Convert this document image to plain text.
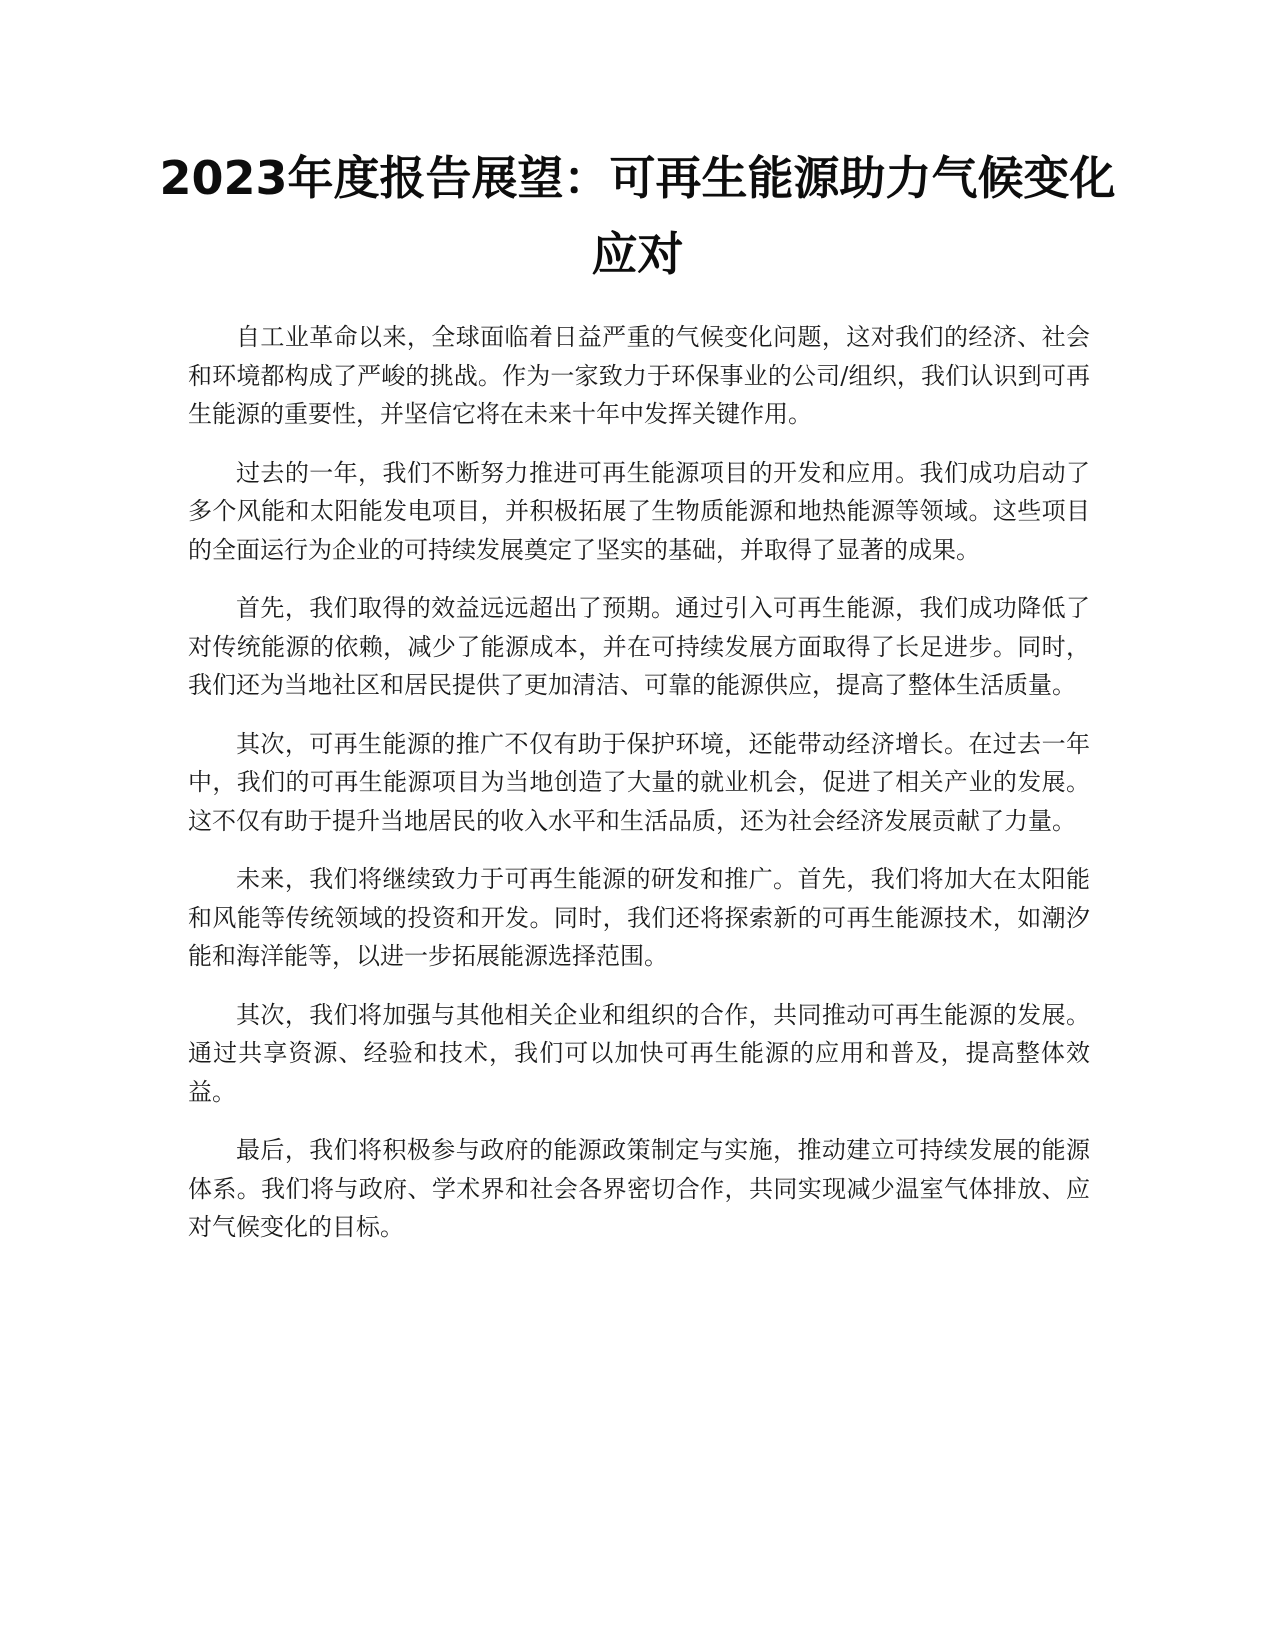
2023年度报告展望：可再生能源助力气候变化应对

自工业革命以来，全球面临着日益严重的气候变化问题，这对我们的经济、社会和环境都构成了严峻的挑战。作为一家致力于环保事业的公司/组织，我们认识到可再生能源的重要性，并坚信它将在未来十年中发挥关键作用。

过去的一年，我们不断努力推进可再生能源项目的开发和应用。我们成功启动了多个风能和太阳能发电项目，并积极拓展了生物质能源和地热能源等领域。这些项目的全面运行为企业的可持续发展奠定了坚实的基础，并取得了显著的成果。

首先，我们取得的效益远远超出了预期。通过引入可再生能源，我们成功降低了对传统能源的依赖，减少了能源成本，并在可持续发展方面取得了长足进步。同时，我们还为当地社区和居民提供了更加清洁、可靠的能源供应，提高了整体生活质量。

其次，可再生能源的推广不仅有助于保护环境，还能带动经济增长。在过去一年中，我们的可再生能源项目为当地创造了大量的就业机会，促进了相关产业的发展。这不仅有助于提升当地居民的收入水平和生活品质，还为社会经济发展贡献了力量。

未来，我们将继续致力于可再生能源的研发和推广。首先，我们将加大在太阳能和风能等传统领域的投资和开发。同时，我们还将探索新的可再生能源技术，如潮汐能和海洋能等，以进一步拓展能源选择范围。

其次，我们将加强与其他相关企业和组织的合作，共同推动可再生能源的发展。通过共享资源、经验和技术，我们可以加快可再生能源的应用和普及，提高整体效益。

最后，我们将积极参与政府的能源政策制定与实施，推动建立可持续发展的能源体系。我们将与政府、学术界和社会各界密切合作，共同实现减少温室气体排放、应对气候变化的目标。
